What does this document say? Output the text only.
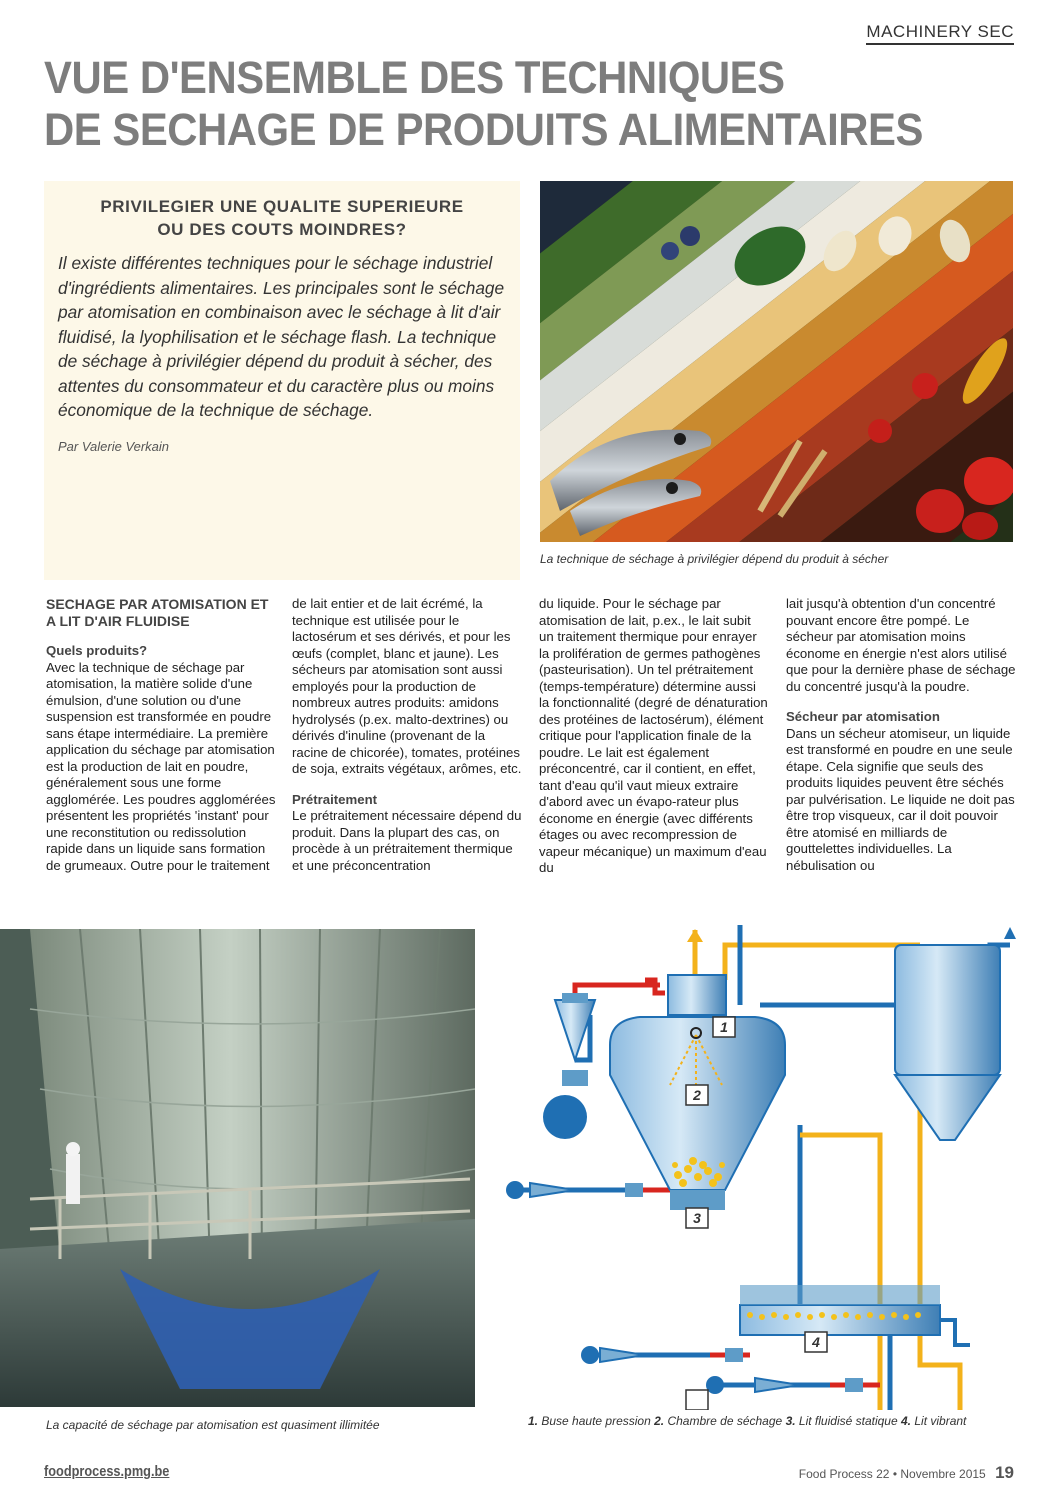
MACHINERY SEC
VUE D'ENSEMBLE DES TECHNIQUES
DE SECHAGE DE PRODUITS ALIMENTAIRES
PRIVILEGIER UNE QUALITE SUPERIEURE
OU DES COUTS MOINDRES?

Il existe différentes techniques pour le séchage industriel d'ingrédients alimentaires. Les principales sont le séchage par atomisation en combinaison avec le séchage à lit d'air fluidisé, la lyophilisation et le séchage flash. La technique de séchage à privilégier dépend du produit à sécher, des attentes du consommateur et du caractère plus ou moins économique de la technique de séchage.

Par Valerie Verkain

La technique de séchage à privilégier dépend du produit à sécher

SECHAGE PAR ATOMISATION ET A LIT D'AIR FLUIDISE
Quels produits?

Avec la technique de séchage par atomisation, la matière solide d'une émulsion, d'une solution ou d'une suspension est transformée en poudre sans étape intermédiaire. La première application du séchage par atomisation est la production de lait en poudre, généralement sous une forme agglomérée. Les poudres agglomérées présentent les propriétés 'instant' pour une reconstitution ou redissolution rapide dans un liquide sans formation de grumeaux. Outre pour le traitement

de lait entier et de lait écrémé, la technique est utilisée pour le lactosérum et ses dérivés, et pour les œufs (complet, blanc et jaune). Les sécheurs par atomisation sont aussi employés pour la production de nombreux autres produits: amidons hydrolysés (p.ex. malto-dextrines) ou dérivés d'inuline (provenant de la racine de chicorée), tomates, protéines de soja, extraits végétaux, arômes, etc.

Prétraitement

Le prétraitement nécessaire dépend du produit. Dans la plupart des cas, on procède à un prétraitement thermique et une préconcentration

du liquide. Pour le séchage par atomisation de lait, p.ex., le lait subit un traitement thermique pour enrayer la prolifération de germes pathogènes (pasteurisation). Un tel prétraitement (temps-température) détermine aussi la fonctionnalité (degré de dénaturation des protéines de lactosérum), élément critique pour l'application finale de la poudre. Le lait est également préconcentré, car il contient, en effet, tant d'eau qu'il vaut mieux extraire d'abord avec un évapo-rateur plus économe en énergie (avec différents étages ou avec recompression de vapeur mécanique) un maximum d'eau du

lait jusqu'à obtention d'un concentré pouvant encore être pompé. Le sécheur par atomisation moins économe en énergie n'est alors utilisé que pour la dernière phase de séchage du concentré jusqu'à la poudre.

Sécheur par atomisation

Dans un sécheur atomiseur, un liquide est transformé en poudre en une seule étape. Cela signifie que seuls des produits liquides peuvent être séchés par pulvérisation. Le liquide ne doit pas être trop visqueux, car il doit pouvoir être atomisé en milliards de gouttelettes individuelles. La nébulisation ou

La capacité de séchage par atomisation est quasiment illimitée

1
2
3
4

1. Buse haute pression 2. Chambre de séchage 3. Lit fluidisé statique 4. Lit vibrant

foodprocess.pmg.be	Food Process 22 • Novembre 2015 19
